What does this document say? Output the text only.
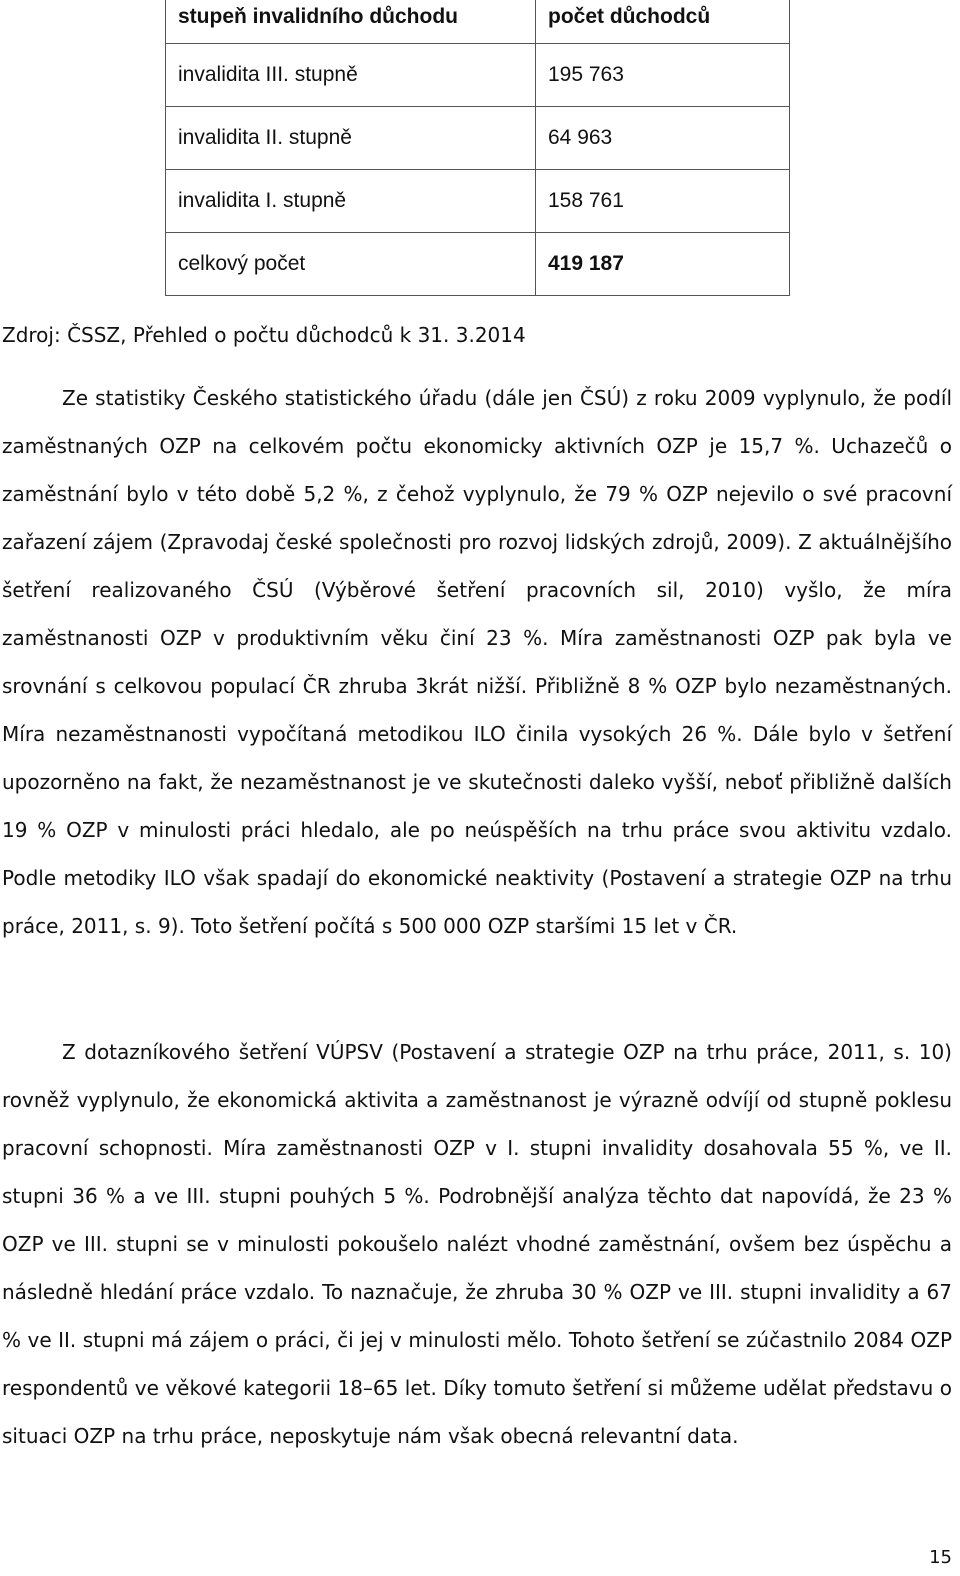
stupeň invalidního důchodu	počet důchodců
invalidita III. stupně	195 763
invalidita II. stupně	64 963
invalidita I. stupně	158 761
celkový počet	419 187
Zdroj: ČSSZ, Přehled o počtu důchodců k 31. 3.2014

Ze statistiky Českého statistického úřadu (dále jen ČSÚ) z roku 2009 vyplynulo, že podíl zaměstnaných OZP na celkovém počtu ekonomicky aktivních OZP je 15,7 %. Uchazečů o zaměstnání bylo v této době 5,2 %, z čehož vyplynulo, že 79 % OZP nejevilo o své pracovní zařazení zájem (Zpravodaj české společnosti pro rozvoj lidských zdrojů, 2009). Z aktuálnějšího šetření realizovaného ČSÚ (Výběrové šetření pracovních sil, 2010) vyšlo, že míra zaměstnanosti OZP v produktivním věku činí 23 %. Míra zaměstnanosti OZP pak byla ve srovnání s celkovou populací ČR zhruba 3krát nižší. Přibližně 8 % OZP bylo nezaměstnaných. Míra nezaměstnanosti vypočítaná metodikou ILO činila vysokých 26 %. Dále bylo v šetření upozorněno na fakt, že nezaměstnanost je ve skutečnosti daleko vyšší, neboť přibližně dalších 19 % OZP v minulosti práci hledalo, ale po neúspěších na trhu práce svou aktivitu vzdalo. Podle metodiky ILO však spadají do ekonomické neaktivity (Postavení a strategie OZP na trhu práce, 2011, s. 9). Toto šetření počítá s 500 000 OZP staršími 15 let v ČR.

Z dotazníkového šetření VÚPSV (Postavení a strategie OZP na trhu práce, 2011, s. 10) rovněž vyplynulo, že ekonomická aktivita a zaměstnanost je výrazně odvíjí od stupně poklesu pracovní schopnosti. Míra zaměstnanosti OZP v I. stupni invalidity dosahovala 55 %, ve II. stupni 36 % a ve III. stupni pouhých 5 %. Podrobnější analýza těchto dat napovídá, že 23 % OZP ve III. stupni se v minulosti pokoušelo nalézt vhodné zaměstnání, ovšem bez úspěchu a následně hledání práce vzdalo. To naznačuje, že zhruba 30 % OZP ve III. stupni invalidity a 67 % ve II. stupni má zájem o práci, či jej v minulosti mělo. Tohoto šetření se zúčastnilo 2084 OZP respondentů ve věkové kategorii 18–65 let. Díky tomuto šetření si můžeme udělat představu o situaci OZP na trhu práce, neposkytuje nám však obecná relevantní data.

15
